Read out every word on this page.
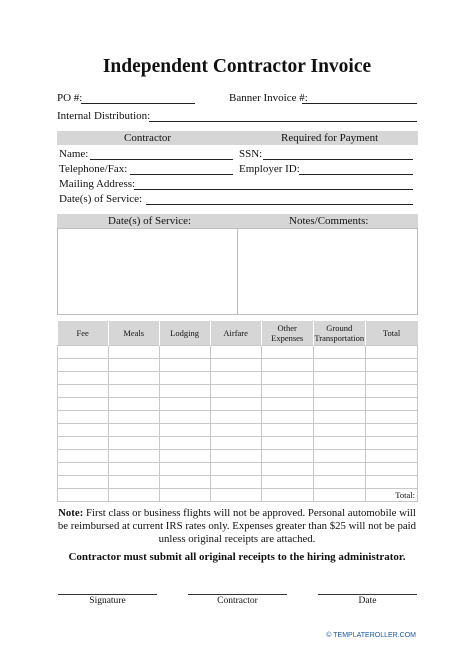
Independent Contractor Invoice
PO #:	Banner Invoice #:
Internal Distribution:
Contractor	Required for Payment
Name:	SSN:
Telephone/Fax:	Employer ID:
Mailing Address:
Date(s) of Service:
Date(s) of Service:	Notes/Comments:
Fee	Meals	Lodging	Airfare	Other Expenses	Ground Transportation	Total

						Total:
Note: First class or business flights will not be approved. Personal automobile will be reimbursed at current IRS rates only. Expenses greater than $25 will not be paid unless original receipts are attached.
Contractor must submit all original receipts to the hiring administrator.
Signature	Contractor	Date
© TEMPLATEROLLER.COM
